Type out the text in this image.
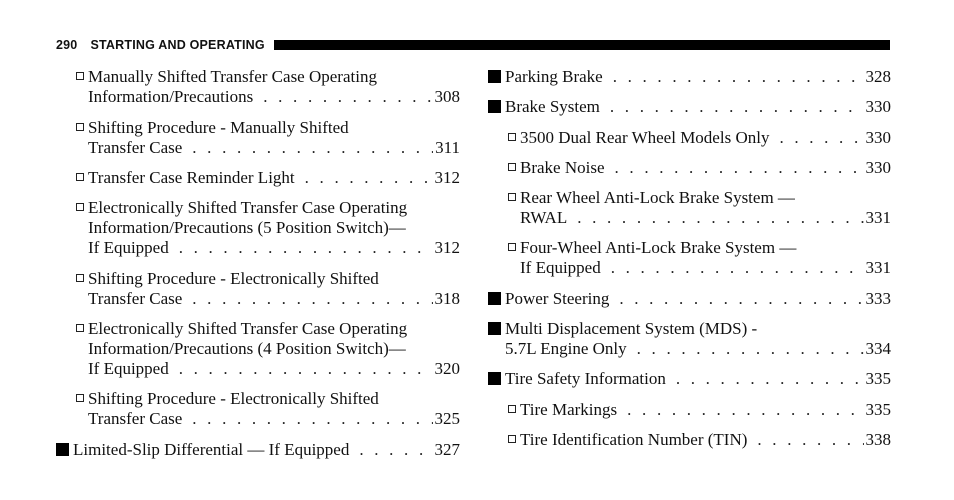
290 STARTING AND OPERATING
Manually Shifted Transfer Case Operating
Information/Precautions . . .	308
Shifting Procedure - Manually Shifted
Transfer Case . . .	311
Transfer Case Reminder Light . . .	312
Electronically Shifted Transfer Case Operating
Information/Precautions (5 Position Switch)—
If Equipped . . .	312
Shifting Procedure - Electronically Shifted
Transfer Case . . .	318
Electronically Shifted Transfer Case Operating
Information/Precautions (4 Position Switch)—
If Equipped . . .	320
Shifting Procedure - Electronically Shifted
Transfer Case . . .	325
Limited-Slip Differential — If Equipped . . .	327
Parking Brake . . .	328
Brake System . . .	330
3500 Dual Rear Wheel Models Only . . .	330
Brake Noise . . .	330
Rear Wheel Anti-Lock Brake System —
RWAL . . .	331
Four-Wheel Anti-Lock Brake System —
If Equipped . . .	331
Power Steering . . .	333
Multi Displacement System (MDS) -
5.7L Engine Only . . .	334
Tire Safety Information . . .	335
Tire Markings . . .	335
Tire Identification Number (TIN) . . .	338
